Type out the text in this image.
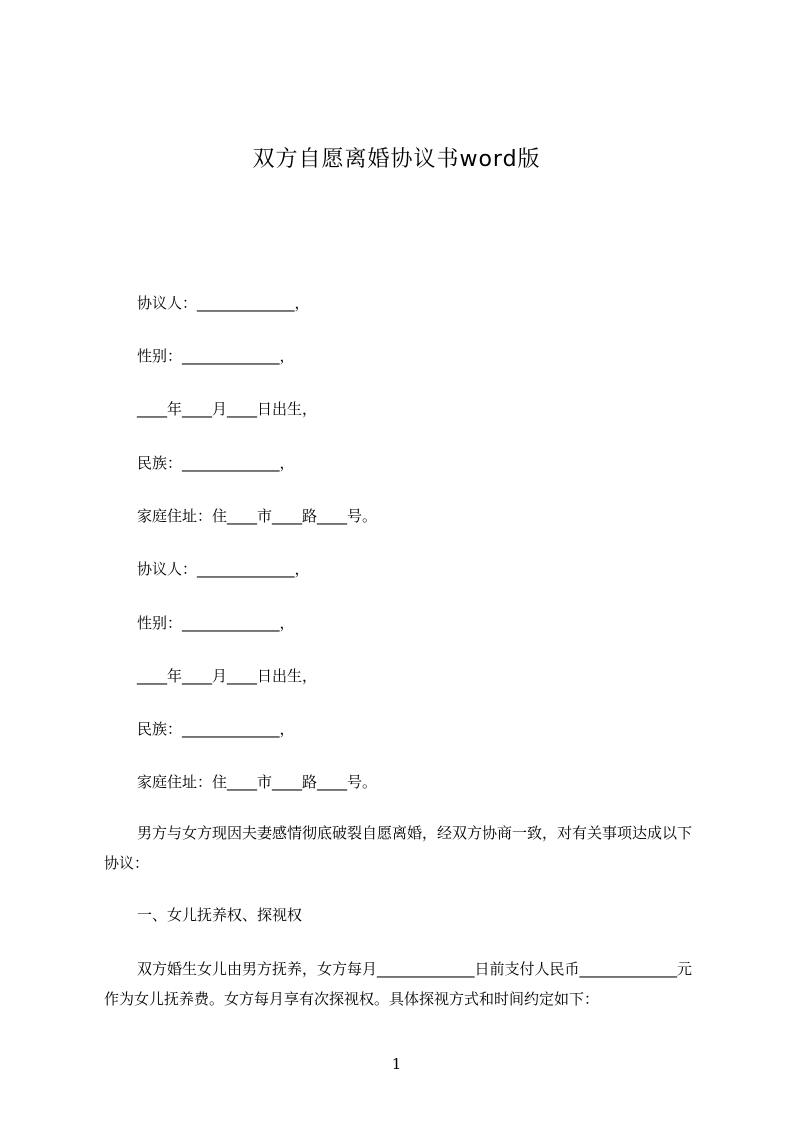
双方自愿离婚协议书word版
协议人：_____________，
性别：_____________，
____年____月____日出生，
民族：_____________，
家庭住址：住____市____路____号。
协议人：_____________，
性别：_____________，
____年____月____日出生，
民族：_____________，
家庭住址：住____市____路____号。
男方与女方现因夫妻感情彻底破裂自愿离婚，经双方协商一致，对有关事项达成以下协议：
一、女儿抚养权、探视权
双方婚生女儿由男方抚养，女方每月_____________日前支付人民币_____________元作为女儿抚养费。女方每月享有次探视权。具体探视方式和时间约定如下：
1
